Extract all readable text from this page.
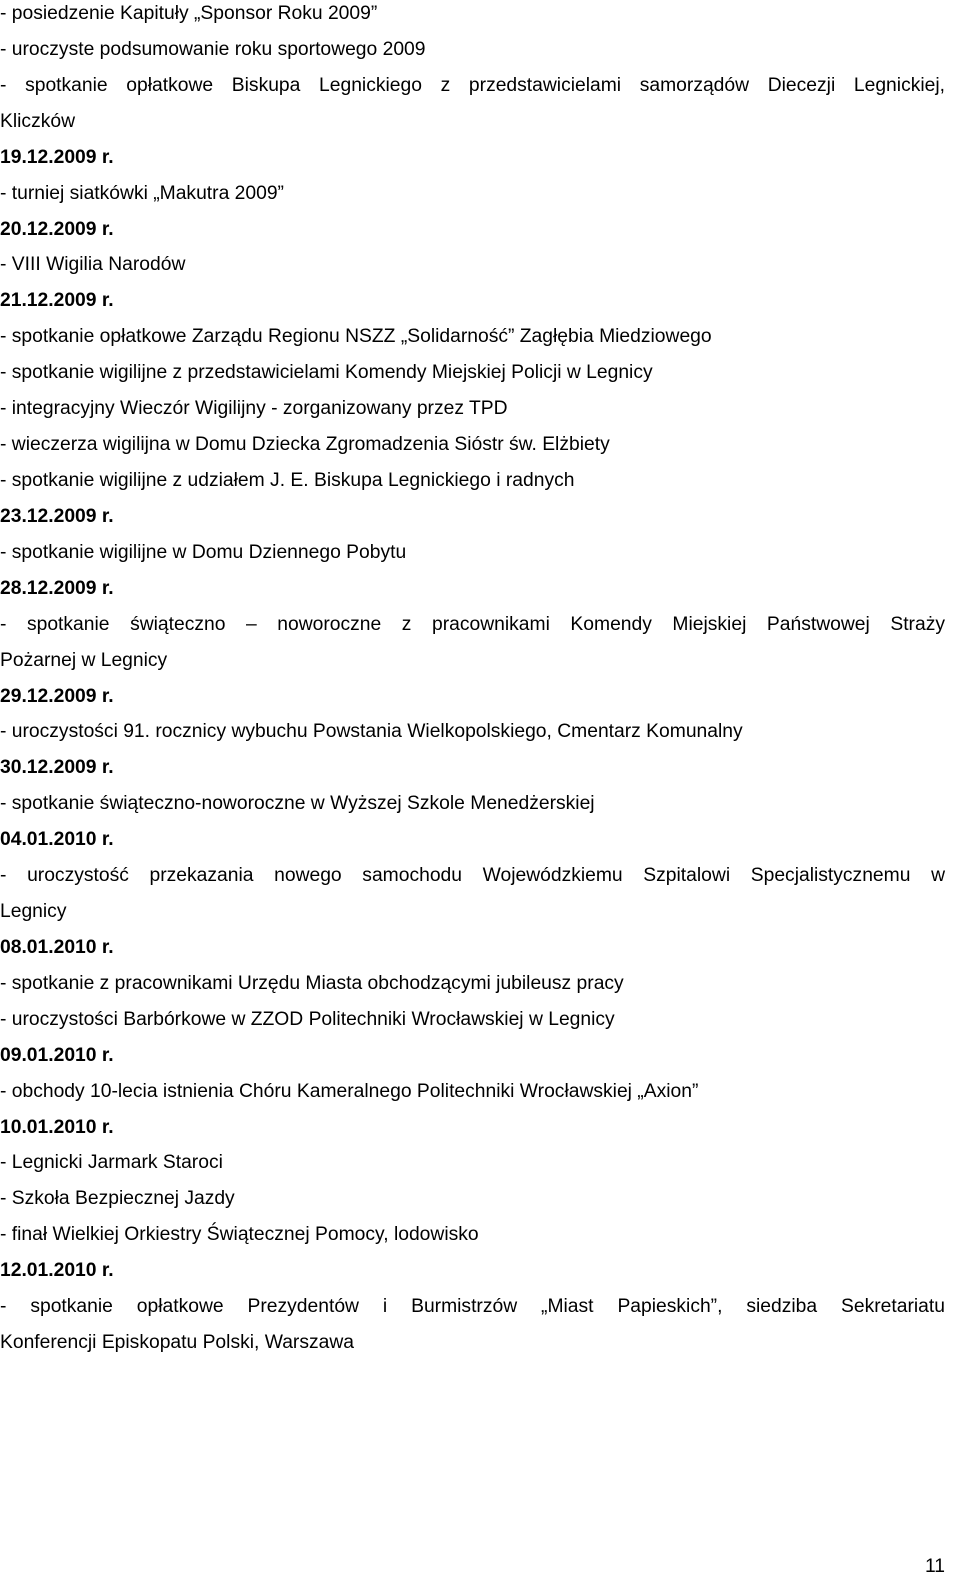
- posiedzenie Kapituły „Sponsor Roku 2009”
- uroczyste podsumowanie roku sportowego 2009
- spotkanie opłatkowe Biskupa Legnickiego z przedstawicielami samorządów Diecezji Legnickiej,
Kliczków
19.12.2009 r.
- turniej siatkówki „Makutra 2009”
20.12.2009 r.
- VIII Wigilia Narodów
21.12.2009 r.
- spotkanie opłatkowe Zarządu Regionu NSZZ „Solidarność” Zagłębia Miedziowego
- spotkanie wigilijne z przedstawicielami Komendy Miejskiej Policji w Legnicy
- integracyjny Wieczór Wigilijny - zorganizowany przez TPD
- wieczerza wigilijna w Domu Dziecka Zgromadzenia Sióstr św. Elżbiety
- spotkanie wigilijne z udziałem J. E. Biskupa Legnickiego i radnych
23.12.2009 r.
- spotkanie wigilijne w Domu Dziennego Pobytu
28.12.2009 r.
- spotkanie świąteczno – noworoczne z pracownikami Komendy Miejskiej Państwowej Straży
Pożarnej w Legnicy
29.12.2009 r.
- uroczystości 91. rocznicy wybuchu Powstania Wielkopolskiego, Cmentarz Komunalny
30.12.2009 r.
- spotkanie świąteczno-noworoczne w Wyższej Szkole Menedżerskiej
04.01.2010 r.
- uroczystość przekazania nowego samochodu Wojewódzkiemu Szpitalowi Specjalistycznemu w
Legnicy
08.01.2010 r.
- spotkanie z pracownikami Urzędu Miasta obchodzącymi jubileusz pracy
- uroczystości Barbórkowe w ZZOD Politechniki Wrocławskiej w Legnicy
09.01.2010 r.
- obchody 10-lecia istnienia Chóru Kameralnego Politechniki Wrocławskiej „Axion”
10.01.2010 r.
- Legnicki Jarmark Staroci
- Szkoła Bezpiecznej Jazdy
- finał Wielkiej Orkiestry Świątecznej Pomocy, lodowisko
12.01.2010 r.
- spotkanie opłatkowe Prezydentów i Burmistrzów „Miast Papieskich”, siedziba Sekretariatu
Konferencji Episkopatu Polski, Warszawa
11
